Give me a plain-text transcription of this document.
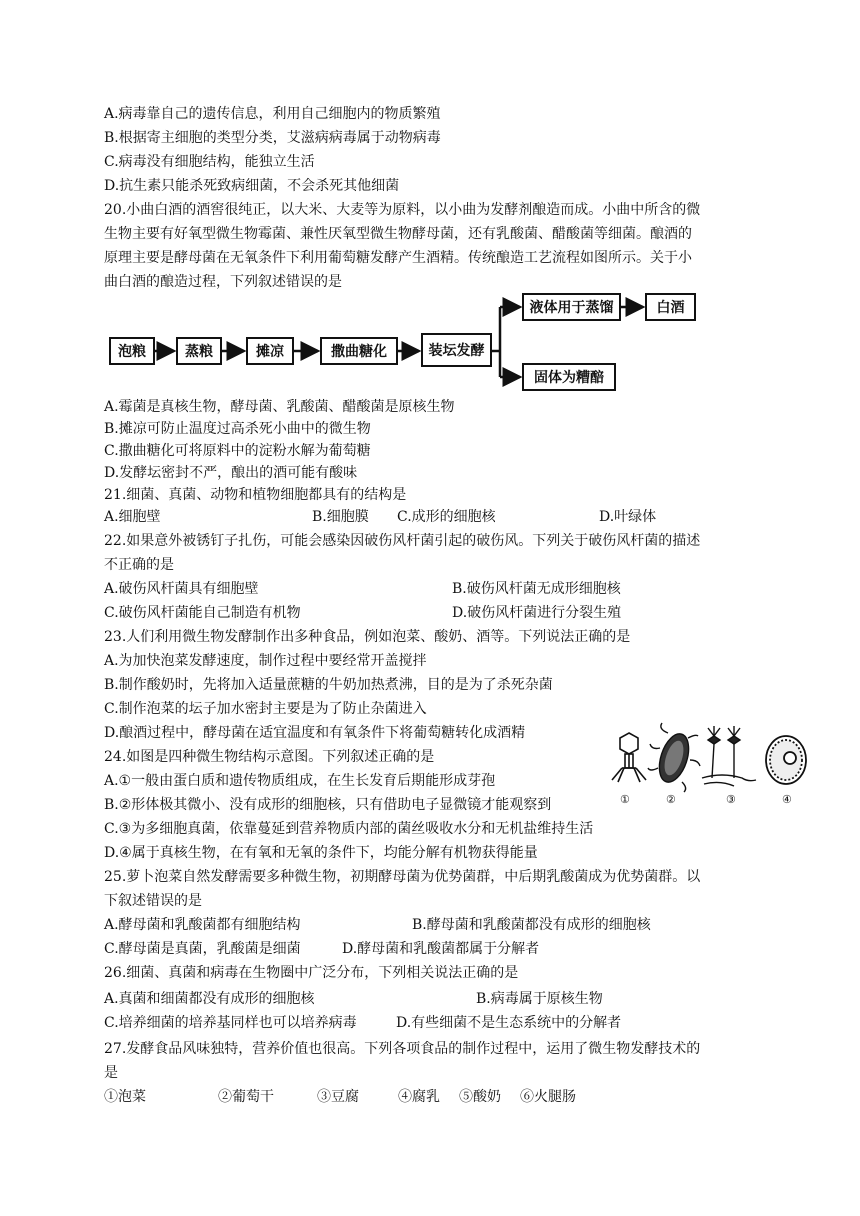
A.病毒靠自己的遗传信息，利用自己细胞内的物质繁殖
B.根据寄主细胞的类型分类，艾滋病病毒属于动物病毒
C.病毒没有细胞结构，能独立生活
D.抗生素只能杀死致病细菌，不会杀死其他细菌
20.小曲白酒的酒窖很纯正，以大米、大麦等为原料，以小曲为发酵剂酿造而成。小曲中所含的微
生物主要有好氧型微生物霉菌、兼性厌氧型微生物酵母菌，还有乳酸菌、醋酸菌等细菌。酿酒的
原理主要是酵母菌在无氧条件下利用葡萄糖发酵产生酒精。传统酿造工艺流程如图所示。关于小
曲白酒的酿造过程，下列叙述错误的是
泡粮	蒸粮	摊凉	撒曲糖化	装坛发酵
液体用于蒸馏	白酒
固体为糟醅
A.霉菌是真核生物，酵母菌、乳酸菌、醋酸菌是原核生物
B.摊凉可防止温度过高杀死小曲中的微生物
C.撒曲糖化可将原料中的淀粉水解为葡萄糖
D.发酵坛密封不严，酿出的酒可能有酸味
21.细菌、真菌、动物和植物细胞都具有的结构是
A.细胞壁	B.细胞膜 C.成形的细胞核	D.叶绿体
22.如果意外被锈钉子扎伤，可能会感染因破伤风杆菌引起的破伤风。下列关于破伤风杆菌的描述
不正确的是
A.破伤风杆菌具有细胞壁	B.破伤风杆菌无成形细胞核
C.破伤风杆菌能自己制造有机物	D.破伤风杆菌进行分裂生殖
23.人们利用微生物发酵制作出多种食品，例如泡菜、酸奶、酒等。下列说法正确的是
A.为加快泡菜发酵速度，制作过程中要经常开盖搅拌
B.制作酸奶时，先将加入适量蔗糖的牛奶加热煮沸，目的是为了杀死杂菌
C.制作泡菜的坛子加水密封主要是为了防止杂菌进入
D.酿酒过程中，酵母菌在适宜温度和有氧条件下将葡萄糖转化成酒精
24.如图是四种微生物结构示意图。下列叙述正确的是
①	②	③	④
A.①一般由蛋白质和遗传物质组成，在生长发育后期能形成芽孢
B.②形体极其微小、没有成形的细胞核，只有借助电子显微镜才能观察到
C.③为多细胞真菌，依靠蔓延到营养物质内部的菌丝吸收水分和无机盐维持生活
D.④属于真核生物，在有氧和无氧的条件下，均能分解有机物获得能量
25.萝卜泡菜自然发酵需要多种微生物，初期酵母菌为优势菌群，中后期乳酸菌成为优势菌群。以
下叙述错误的是
A.酵母菌和乳酸菌都有细胞结构	B.酵母菌和乳酸菌都没有成形的细胞核
C.酵母菌是真菌，乳酸菌是细菌	D.酵母菌和乳酸菌都属于分解者
26.细菌、真菌和病毒在生物圈中广泛分布，下列相关说法正确的是
A.真菌和细菌都没有成形的细胞核	B.病毒属于原核生物
C.培养细菌的培养基同样也可以培养病毒	D.有些细菌不是生态系统中的分解者
27.发酵食品风味独特，营养价值也很高。下列各项食品的制作过程中，运用了微生物发酵技术的
是
①泡菜	②葡萄干	③豆腐	④腐乳 ⑤酸奶 ⑥火腿肠
